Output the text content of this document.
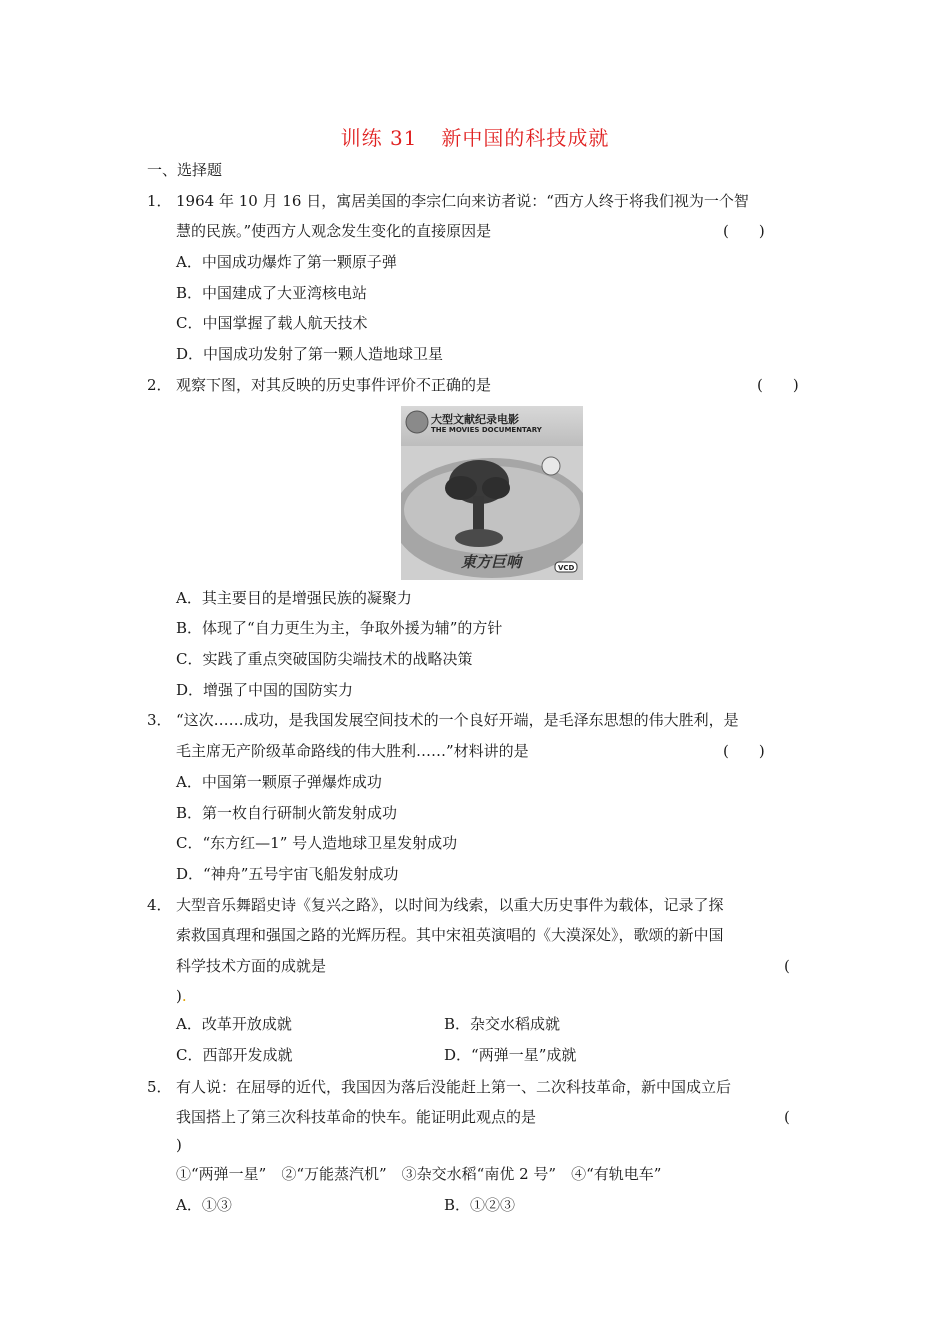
训练 31 新中国的科技成就
一、选择题
1． 1964 年 10 月 16 日，寓居美国的李宗仁向来访者说：“西方人终于将我们视为一个智
慧的民族。”使西方人观念发生变化的直接原因是	(　　)
A．中国成功爆炸了第一颗原子弹
B．中国建成了大亚湾核电站
C．中国掌握了载人航天技术
D．中国成功发射了第一颗人造地球卫星
2． 观察下图，对其反映的历史事件评价不正确的是	(　　)
大型文献纪录电影
THE MOVIES DOCUMENTARY
東方巨响	VCD
A．其主要目的是增强民族的凝聚力
B．体现了“自力更生为主，争取外援为辅”的方针
C．实践了重点突破国防尖端技术的战略决策
D．增强了中国的国防实力
3． “这次……成功，是我国发展空间技术的一个良好开端，是毛泽东思想的伟大胜利，是
毛主席无产阶级革命路线的伟大胜利……”材料讲的是	(　　)
A．中国第一颗原子弹爆炸成功
B．第一枚自行研制火箭发射成功
C．“东方红—1” 号人造地球卫星发射成功
D．“神舟”五号宇宙飞船发射成功
4． 大型音乐舞蹈史诗《复兴之路》，以时间为线索，以重大历史事件为载体，记录了探
索救国真理和强国之路的光辉历程。其中宋祖英演唱的《大漠深处》，歌颂的新中国
科学技术方面的成就是	(
).
A．改革开放成就	B．杂交水稻成就
C．西部开发成就	D．“两弹一星”成就
5． 有人说：在屈辱的近代，我国因为落后没能赶上第一、二次科技革命，新中国成立后
我国搭上了第三次科技革命的快车。能证明此观点的是	(
)
①“两弹一星”　②“万能蒸汽机”　③杂交水稻“南优 2 号”　④“有轨电车”
A．①③	B．①②③
